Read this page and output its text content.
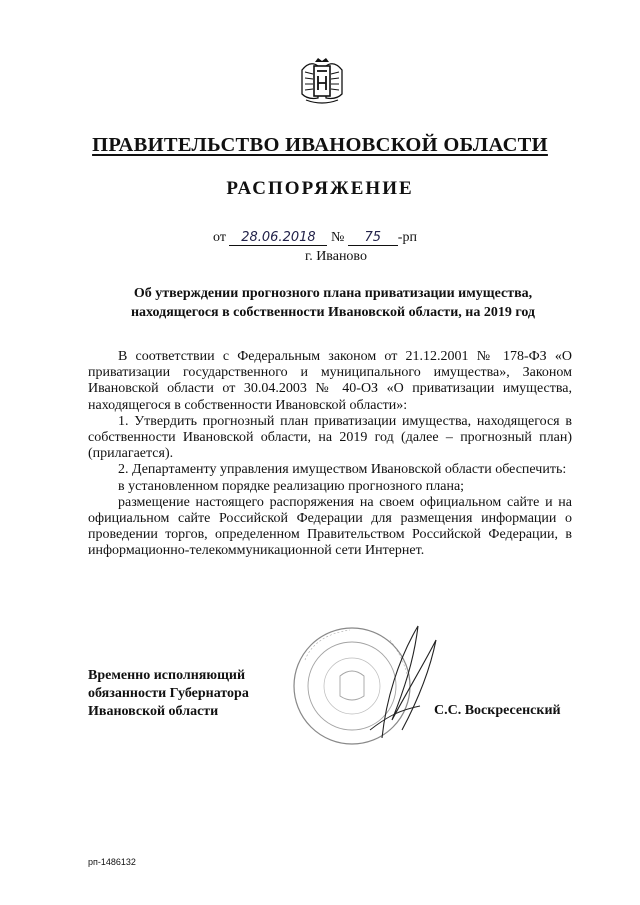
ПРАВИТЕЛЬСТВО ИВАНОВСКОЙ ОБЛАСТИ
РАСПОРЯЖЕНИЕ
от 28.06.2018 № 75 -рп
г. Иваново
Об утверждении прогнозного плана приватизации имущества,
находящегося в собственности Ивановской области, на 2019 год

В соответствии с Федеральным законом от 21.12.2001 № 178-ФЗ «О приватизации государственного и муниципального имущества», Законом Ивановской области от 30.04.2003 № 40-ОЗ «О приватизации имущества, находящегося в собственности Ивановской области»:

1. Утвердить прогнозный план приватизации имущества, находящегося в собственности Ивановской области, на 2019 год (далее – прогнозный план) (прилагается).

2. Департаменту управления имуществом Ивановской области обеспечить:

в установленном порядке реализацию прогнозного плана;

размещение настоящего распоряжения на своем официальном сайте и на официальном сайте Российской Федерации для размещения информации о проведении торгов, определенном Правительством Российской Федерации, в информационно-телекоммуникационной сети Интернет.

Временно исполняющий
обязанности Губернатора
Ивановской области	С.С. Воскресенский
рп-1486132
